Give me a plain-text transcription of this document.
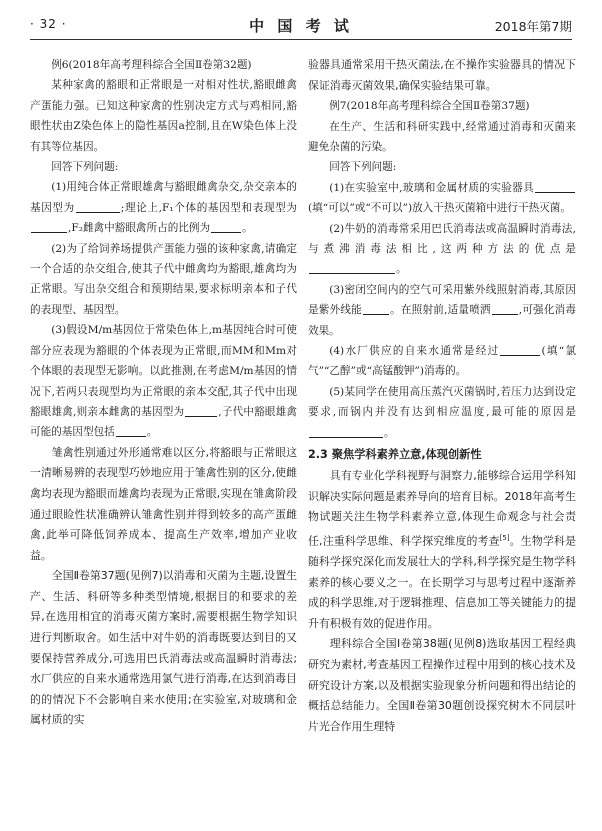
· 32 ·	中 国 考 试	2018年第7期

例6(2018年高考理科综合全国Ⅱ卷第32题)

某种家禽的豁眼和正常眼是一对相对性状,豁眼雌禽产蛋能力强。已知这种家禽的性别决定方式与鸡相同,豁眼性状由Z染色体上的隐性基因a控制,且在W染色体上没有其等位基因。

回答下列问题:

(1)用纯合体正常眼雄禽与豁眼雌禽杂交,杂交亲本的基因型为	;理论上,F₁个体的基因型和表现型为,F₂雌禽中豁眼禽所占的比例为	。

(2)为了给饲养场提供产蛋能力强的该种家禽,请确定一个合适的杂交组合,使其子代中雌禽均为豁眼,雄禽均为正常眼。写出杂交组合和预期结果,要求标明亲本和子代的表现型、基因型。

(3)假设M/m基因位于常染色体上,m基因纯合时可使部分应表现为豁眼的个体表现为正常眼,而MM和Mm对个体眼的表现型无影响。以此推测,在考虑M/m基因的情况下,若两只表现型均为正常眼的亲本交配,其子代中出现豁眼雄禽,则亲本雌禽的基因型为	,子代中豁眼雄禽可能的基因型包括	。

雏禽性别通过外形通常难以区分,将豁眼与正常眼这一清晰易辨的表现型巧妙地应用于雏禽性别的区分,使雌禽均表现为豁眼而雄禽均表现为正常眼,实现在雏禽阶段通过眼睑性状准确辨认雏禽性别并得到较多的高产蛋雌禽,此举可降低饲养成本、提高生产效率,增加产业收益。

全国Ⅱ卷第37题(见例7)以消毒和灭菌为主题,设置生产、生活、科研等多种类型情境,根据目的和要求的差异,在选用相宜的消毒灭菌方案时,需要根据生物学知识进行判断取舍。如生活中对牛奶的消毒既要达到目的又要保持营养成分,可选用巴氏消毒法或高温瞬时消毒法;水厂供应的自来水通常选用氯气进行消毒,在达到消毒目的的情况下不会影响自来水使用;在实验室,对玻璃和金属材质的实

验器具通常采用干热灭菌法,在不操作实验器具的情况下保证消毒灭菌效果,确保实验结果可靠。

例7(2018年高考理科综合全国Ⅱ卷第37题)

在生产、生活和科研实践中,经常通过消毒和灭菌来避免杂菌的污染。

回答下列问题:

(1)在实验室中,玻璃和金属材质的实验器具(填“可以”或“不可以”)放入干热灭菌箱中进行干热灭菌。

(2)牛奶的消毒常采用巴氏消毒法或高温瞬时消毒法,与煮沸消毒法相比,这两种方法的优点是。

(3)密闭空间内的空气可采用紫外线照射消毒,其原因是紫外线能	。在照射前,适量喷洒	,可强化消毒效果。

(4)水厂供应的自来水通常是经过	(填“氯气”“乙醇”或“高锰酸钾”)消毒的。

(5)某同学在使用高压蒸汽灭菌锅时,若压力达到设定要求,而锅内并没有达到相应温度,最可能的原因是。

2.3 聚焦学科素养立意,体现创新性

具有专业化学科视野与洞察力,能够综合运用学科知识解决实际问题是素养导向的培育目标。2018年高考生物试题关注生物学科素养立意,体现生命观念与社会责任,注重科学思维、科学探究维度的考查[5]。生物学科是随科学探究深化而发展壮大的学科,科学探究是生物学科素养的核心要义之一。在长期学习与思考过程中逐渐养成的科学思维,对于逻辑推理、信息加工等关键能力的提升有积极有效的促进作用。

理科综合全国Ⅰ卷第38题(见例8)选取基因工程经典研究为素材,考查基因工程操作过程中用到的核心技术及研究设计方案,以及根据实验现象分析问题和得出结论的概括总结能力。全国Ⅱ卷第30题创设探究树木不同层叶片光合作用生理特
